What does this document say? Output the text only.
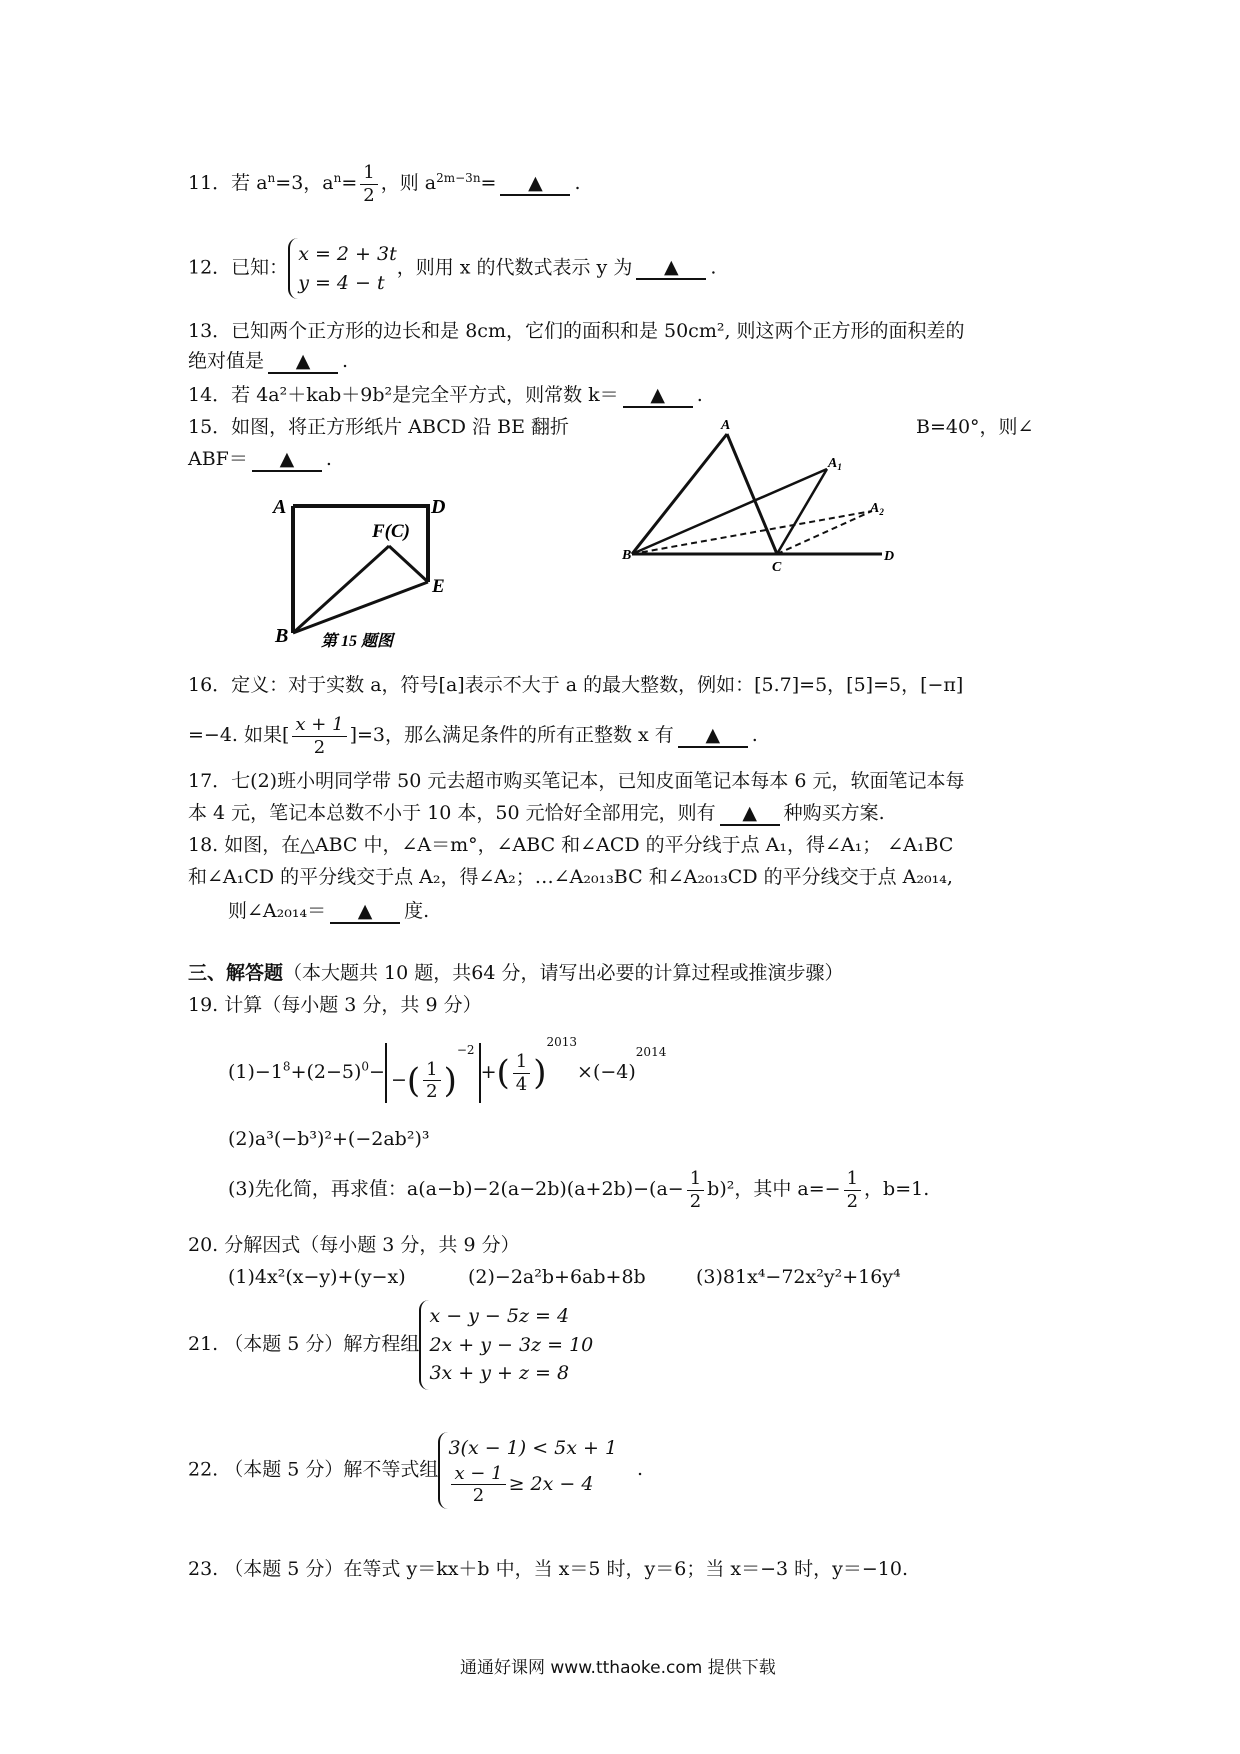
11．若 $a^n=3$，$a^n= \frac{1}{2}$ ，则 $a^{2m-3n}=$ ▲ .
12．已知：
x = 2 + 3t
y = 4 − t
，则用 x 的代数式表示 y 为 ▲ .
13．已知两个正方形的边长和是 8cm，它们的面积和是 50cm², 则这两个正方形的面积差的
绝对值是 ▲ .
14．若 4a²＋kab＋9b²是完全平方式，则常数 k＝ ▲ .
15．如图，将正方形纸片 ABCD 沿 BE 翻折	B=40°，则∠
ABF＝ ▲ .
A	D
F(C)
E
B 第 15 题图
A
$A_1$
$A_2$
B
C
D
16．定义：对于实数 a，符号[a]表示不大于 a 的最大整数，例如：[5.7]=5，[5]=5，[−π]
=−4. 如果[ $\frac{x + 1}{2} ]=3$，那么满足条件的所有正整数 x 有 ▲ .
17．七(2)班小明同学带 50 元去超市购买笔记本，已知皮面笔记本每本 6 元，软面笔记本每
本 4 元，笔记本总数不小于 10 本，50 元恰好全部用完，则有 ▲ 种购买方案.
18. 如图，在△ABC 中，∠A＝m°，∠ABC 和∠ACD 的平分线于点 A₁，得∠A₁； ∠A₁BC
和∠A₁CD 的平分线交于点 A₂，得∠A₂；…∠A₂₀₁₃BC 和∠A₂₀₁₃CD 的平分线交于点 A₂₀₁₄,
则∠A₂₀₁₄＝ ▲ 度.
三、解答题（本大题共 10 题，共64 分，请写出必要的计算过程或推演步骤）
19. 计算（每小题 3 分，共 9 分）
$(1)-1^8+(2-5)^0-$ −( $\frac{1}{2} )^{-2}+( \frac{1}{4} )^{2013}\times(-4)^{2014}$
(2)a³(−b³)²+(−2ab²)³
(3)先化简，再求值：$a(a-b)-2(a-2b)(a+2b)-(a- \frac{1}{2} b)^2$，其中 $a=- \frac{1}{2}$ ，b=1.
20. 分解因式（每小题 3 分，共 9 分）
(1)4x²(x−y)+(y−x)	(2)−2a²b+6ab+8b	(3)81x⁴−72x²y²+16y⁴
21. （本题 5 分）解方程组
x − y − 5z = 4
2x + y − 3z = 10
3x + y + z = 8
22. （本题 5 分）解不等式组
3(x − 1) < 5x + 1
$\frac{x - 1}{2} \ge 2x - 4$
.
23. （本题 5 分）在等式 y＝kx＋b 中，当 x＝5 时，y＝6；当 x＝−3 时，y＝−10.
通通好课网 www.tthaoke.com 提供下载
